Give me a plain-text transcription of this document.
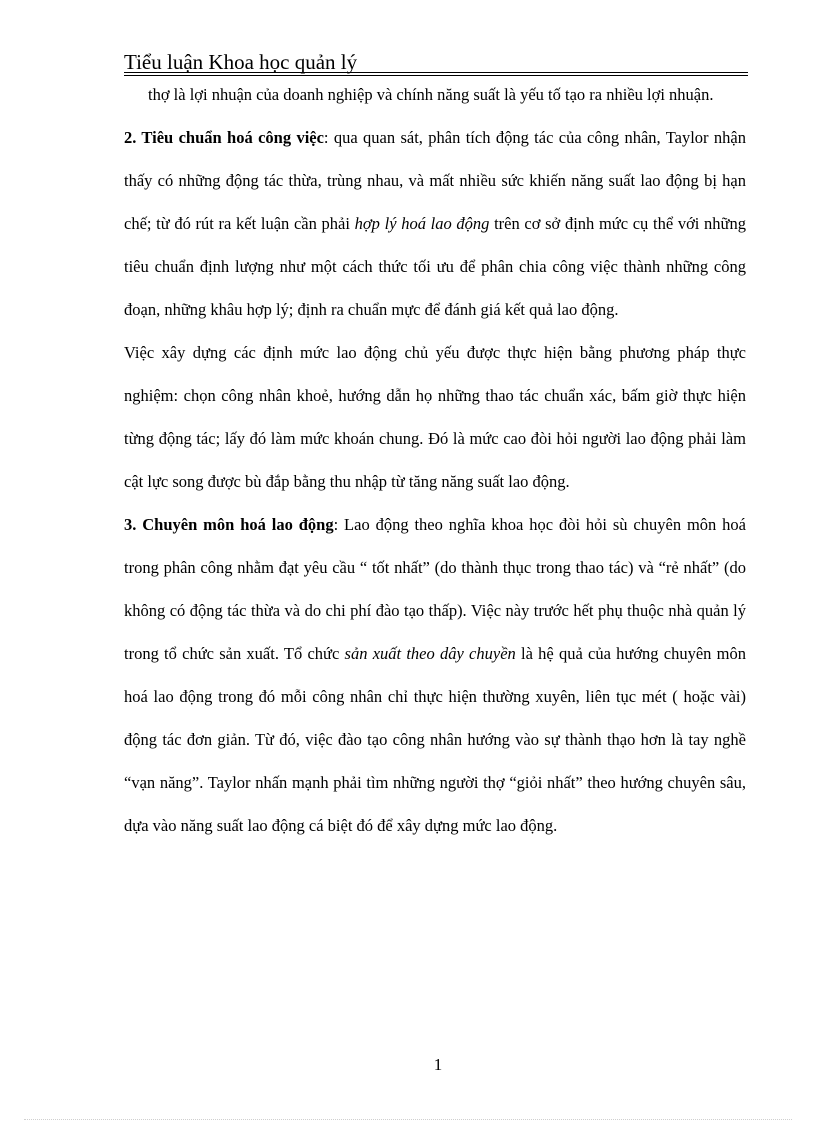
Tiểu luận Khoa học quản lý

thợ là lợi nhuận của doanh nghiệp và chính năng suất là yếu tố tạo ra nhiều lợi nhuận.

2. Tiêu chuẩn hoá công việc: qua quan sát, phân tích động tác của công nhân, Taylor nhận thấy có những động tác thừa, trùng nhau, và mất nhiều sức khiến năng suất lao động bị hạn chế; từ đó rút ra kết luận cần phải hợp lý hoá lao động trên cơ sở định mức cụ thể với những tiêu chuẩn định lượng như một cách thức tối ưu để phân chia công việc thành những công đoạn, những khâu hợp lý; định ra chuẩn mực để đánh giá kết quả lao động.

Việc xây dựng các định mức lao động chủ yếu được thực hiện bằng phương pháp thực nghiệm: chọn công nhân khoẻ, hướng dẫn họ những thao tác chuẩn xác, bấm giờ thực hiện từng động tác; lấy đó làm mức khoán chung. Đó là mức cao đòi hỏi người lao động phải làm cật lực song được bù đắp bằng thu nhập từ tăng năng suất lao động.

3. Chuyên môn hoá lao động: Lao động theo nghĩa khoa học đòi hỏi sù chuyên môn hoá trong phân công nhằm đạt yêu cầu “ tốt nhất” (do thành thục trong thao tác) và “rẻ nhất” (do không có động tác thừa và do chi phí đào tạo thấp). Việc này trước hết phụ thuộc nhà quản lý trong tổ chức sản xuất. Tổ chức sản xuất theo dây chuyền là hệ quả của hướng chuyên môn hoá lao động trong đó mỗi công nhân chỉ thực hiện thường xuyên, liên tục mét ( hoặc vài) động tác đơn giản. Từ đó, việc đào tạo công nhân hướng vào sự thành thạo hơn là tay nghề “vạn năng”. Taylor nhấn mạnh phải tìm những người thợ “giỏi nhất” theo hướng chuyên sâu, dựa vào năng suất lao động cá biệt đó để xây dựng mức lao động.

1
